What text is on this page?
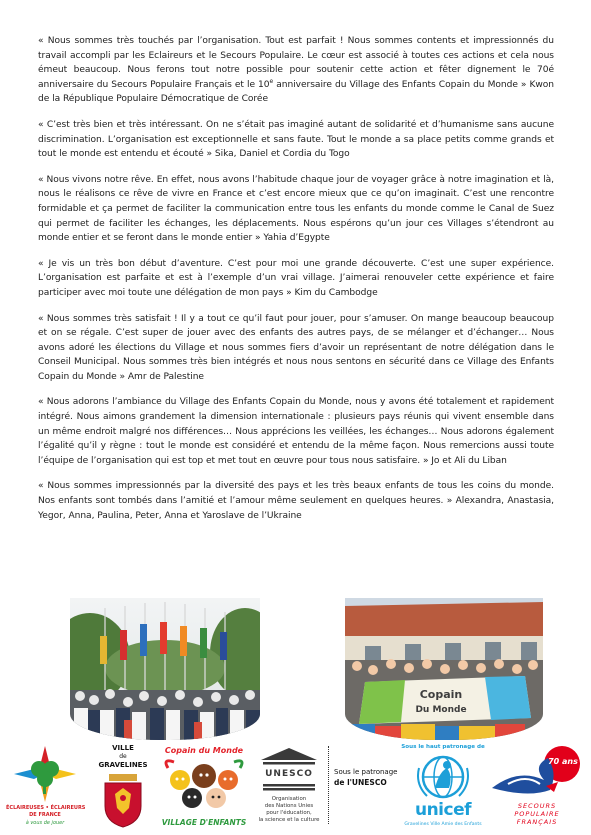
« Nous sommes très touchés par l’organisation. Tout est parfait ! Nous sommes contents et impressionnés du travail accompli par les Eclaireurs et le Secours Populaire. Le cœur est associé à toutes ces actions et cela nous émeut beaucoup. Nous ferons tout notre possible pour soutenir cette action et fêter dignement le 70é anniversaire du Secours Populaire Français et le 10e anniversaire du Village des Enfants Copain du Monde » Kwon de la République Populaire Démocratique de Corée

« C’est très bien et très intéressant. On ne s’était pas imaginé autant de solidarité et d’humanisme sans aucune discrimination. L’organisation est exceptionnelle et sans faute. Tout le monde a sa place petits comme grands et tout le monde est entendu et écouté » Sika, Daniel et Cordia du Togo

« Nous vivons notre rêve. En effet, nous avons l’habitude chaque jour de voyager grâce à notre imagination et là, nous le réalisons ce rêve de vivre en France et c’est encore mieux que ce qu’on imaginait. C’est une rencontre formidable et ça permet de faciliter la communication entre tous les enfants du monde comme le Canal de Suez qui permet de faciliter les échanges, les déplacements. Nous espérons qu’un jour ces Villages s’étendront au monde entier et se feront dans le monde entier » Yahia d’Egypte

« Je vis un très bon début d’aventure. C’est pour moi une grande découverte. C’est une super expérience. L’organisation est parfaite et est à l’exemple d’un vrai village. J’aimerai renouveler cette expérience et faire participer avec moi toute une délégation de mon pays » Kim du Cambodge

« Nous sommes très satisfait ! Il y a tout ce qu’il faut pour jouer, pour s’amuser. On mange beaucoup beaucoup et on se régale. C’est super de jouer avec des enfants des autres pays, de se mélanger et d’échanger… Nous avons adoré les élections du Village et nous sommes fiers d’avoir un représentant de notre délégation dans le Conseil Municipal. Nous sommes très bien intégrés et nous nous sentons en sécurité dans ce Village des Enfants Copain du Monde » Amr de Palestine

« Nous adorons l’ambiance du Village des Enfants Copain du Monde, nous y avons été totalement et rapidement intégré. Nous aimons grandement la dimension internationale : plusieurs pays réunis qui vivent ensemble dans un même endroit malgré nos différences… Nous apprécions les veillées, les échanges… Nous adorons également l’égalité qu’il y règne : tout le monde est considéré et entendu de la même façon. Nous remercions aussi toute l’équipe de l’organisation qui est top et met tout en œuvre pour tous nous satisfaire. » Jo et Ali du Liban

« Nous sommes impressionnés par la diversité des pays et les très beaux enfants de tous les coins du monde. Nos enfants sont tombés dans l’amitié et l’amour même seulement en quelques heures. » Alexandra, Anastasia, Yegor, Anna, Paulina, Peter, Anna et Yaroslave de l’Ukraine

Copain
Du Monde
ÉCLAIREUSES • ÉCLAIREURS
DE FRANCE
à vous de jouer
VILLE
de
GRAVELINES
Copain du Monde
VILLAGE D'ENFANTS
UNESCO
Organisation
des Nations Unies
pour l'éducation,
la science et la culture
Sous le patronage
de l'UNESCO
Sous le haut patronage de
unicef
Gravelines Ville Amie des Enfants
70 ans
SECOURS
POPULAIRE
FRANÇAIS
